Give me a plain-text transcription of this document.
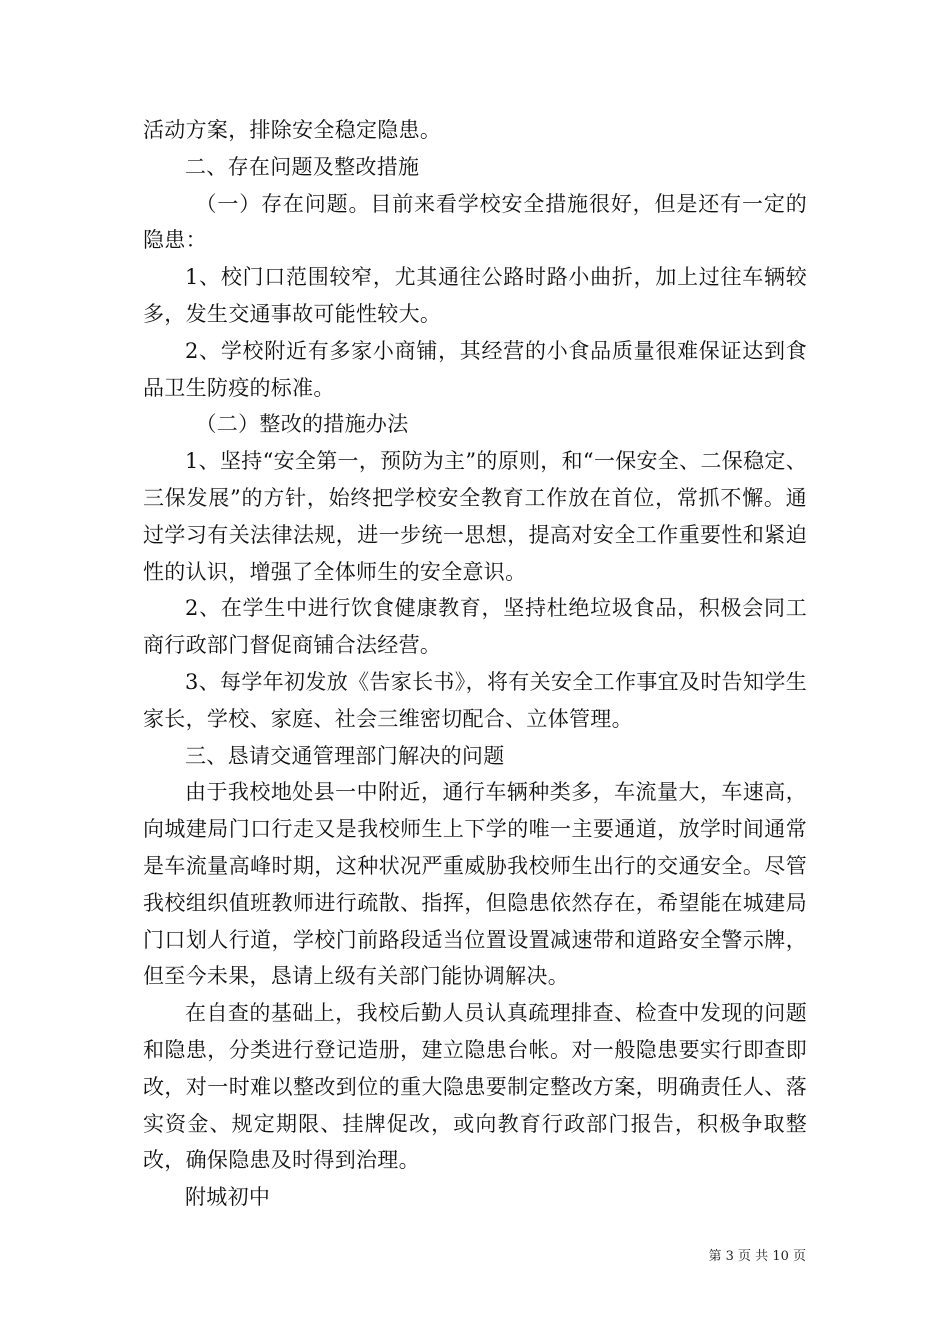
活动方案，排除安全稳定隐患。

二、存在问题及整改措施

（一）存在问题。目前来看学校安全措施很好，但是还有一定的隐患：

1、校门口范围较窄，尤其通往公路时路小曲折，加上过往车辆较多，发生交通事故可能性较大。

2、学校附近有多家小商铺，其经营的小食品质量很难保证达到食品卫生防疫的标准。

（二）整改的措施办法

1、坚持“安全第一，预防为主”的原则，和“一保安全、二保稳定、三保发展”的方针，始终把学校安全教育工作放在首位，常抓不懈。通过学习有关法律法规，进一步统一思想，提高对安全工作重要性和紧迫性的认识，增强了全体师生的安全意识。

2、在学生中进行饮食健康教育，坚持杜绝垃圾食品，积极会同工商行政部门督促商铺合法经营。

3、每学年初发放《告家长书》，将有关安全工作事宜及时告知学生家长，学校、家庭、社会三维密切配合、立体管理。

三、恳请交通管理部门解决的问题

由于我校地处县一中附近，通行车辆种类多，车流量大，车速高，向城建局门口行走又是我校师生上下学的唯一主要通道，放学时间通常是车流量高峰时期，这种状况严重威胁我校师生出行的交通安全。尽管我校组织值班教师进行疏散、指挥，但隐患依然存在，希望能在城建局门口划人行道，学校门前路段适当位置设置减速带和道路安全警示牌，但至今未果，恳请上级有关部门能协调解决。

在自查的基础上，我校后勤人员认真疏理排查、检查中发现的问题和隐患，分类进行登记造册，建立隐患台帐。对一般隐患要实行即查即改，对一时难以整改到位的重大隐患要制定整改方案，明确责任人、落实资金、规定期限、挂牌促改，或向教育行政部门报告，积极争取整改，确保隐患及时得到治理。

附城初中

第 3 页 共 10 页
